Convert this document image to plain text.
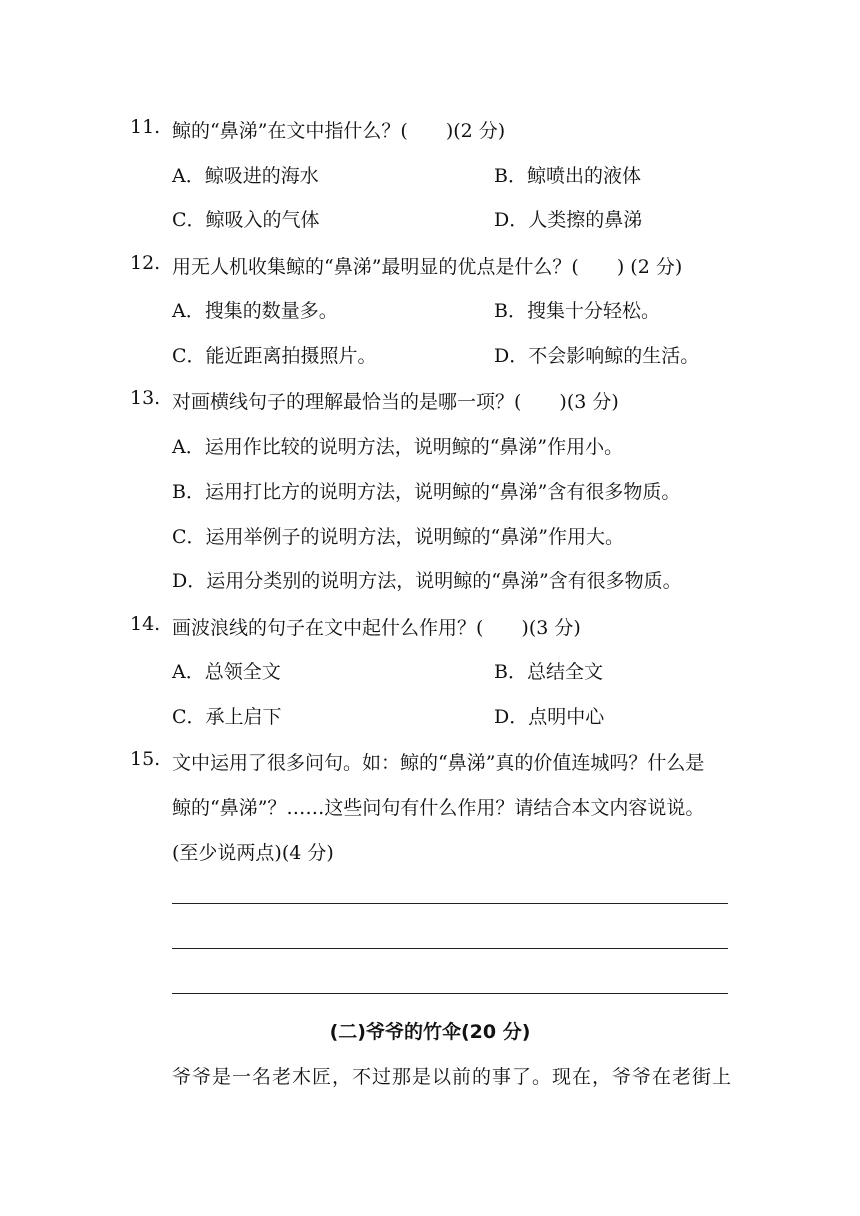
11. 鲸的“鼻涕”在文中指什么？(　　)(2 分)
A．鲸吸进的海水	B．鲸喷出的液体
C．鲸吸入的气体	D．人类擦的鼻涕
12. 用无人机收集鲸的“鼻涕”最明显的优点是什么？(　　) (2 分)
A．搜集的数量多。	B．搜集十分轻松。
C．能近距离拍摄照片。	D．不会影响鲸的生活。
13. 对画横线句子的理解最恰当的是哪一项？(　　)(3 分)
A．运用作比较的说明方法，说明鲸的“鼻涕”作用小。
B．运用打比方的说明方法，说明鲸的“鼻涕”含有很多物质。
C．运用举例子的说明方法，说明鲸的“鼻涕”作用大。
D．运用分类别的说明方法，说明鲸的“鼻涕”含有很多物质。
14. 画波浪线的句子在文中起什么作用？(　　)(3 分)
A．总领全文	B．总结全文
C．承上启下	D．点明中心
15. 文中运用了很多问句。如：鲸的“鼻涕”真的价值连城吗？什么是
鲸的“鼻涕”？……这些问句有什么作用？请结合本文内容说说。
(至少说两点)(4 分)
(二)爷爷的竹伞(20 分)
爷爷是一名老木匠，不过那是以前的事了。现在，爷爷在老街上
